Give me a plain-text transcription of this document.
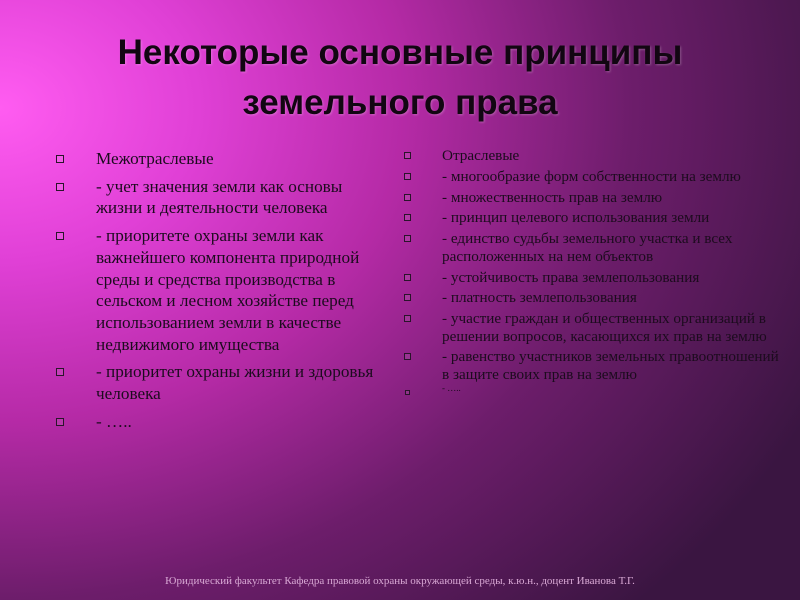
Некоторые основные принципы
земельного права
Межотраслевые
- учет значения земли как основы жизни и деятельности человека
- приоритете охраны земли как важнейшего компонента природной среды и средства производства в сельском и лесном хозяйстве перед использованием земли в качестве недвижимого имущества
- приоритет охраны жизни и здоровья человека
- …..
Отраслевые
- многообразие форм собственности на землю
- множественность прав на землю
- принцип целевого использования земли
- единство судьбы земельного участка и всех расположенных на нем объектов
- устойчивость права землепользования
- платность землепользования
- участие граждан и общественных организаций в решении вопросов, касающихся их прав на землю
- равенство участников земельных правоотношений в защите своих прав на землю
- …..
Юридический факультет Кафедра правовой охраны окружающей среды, к.ю.н., доцент Иванова Т.Г.
